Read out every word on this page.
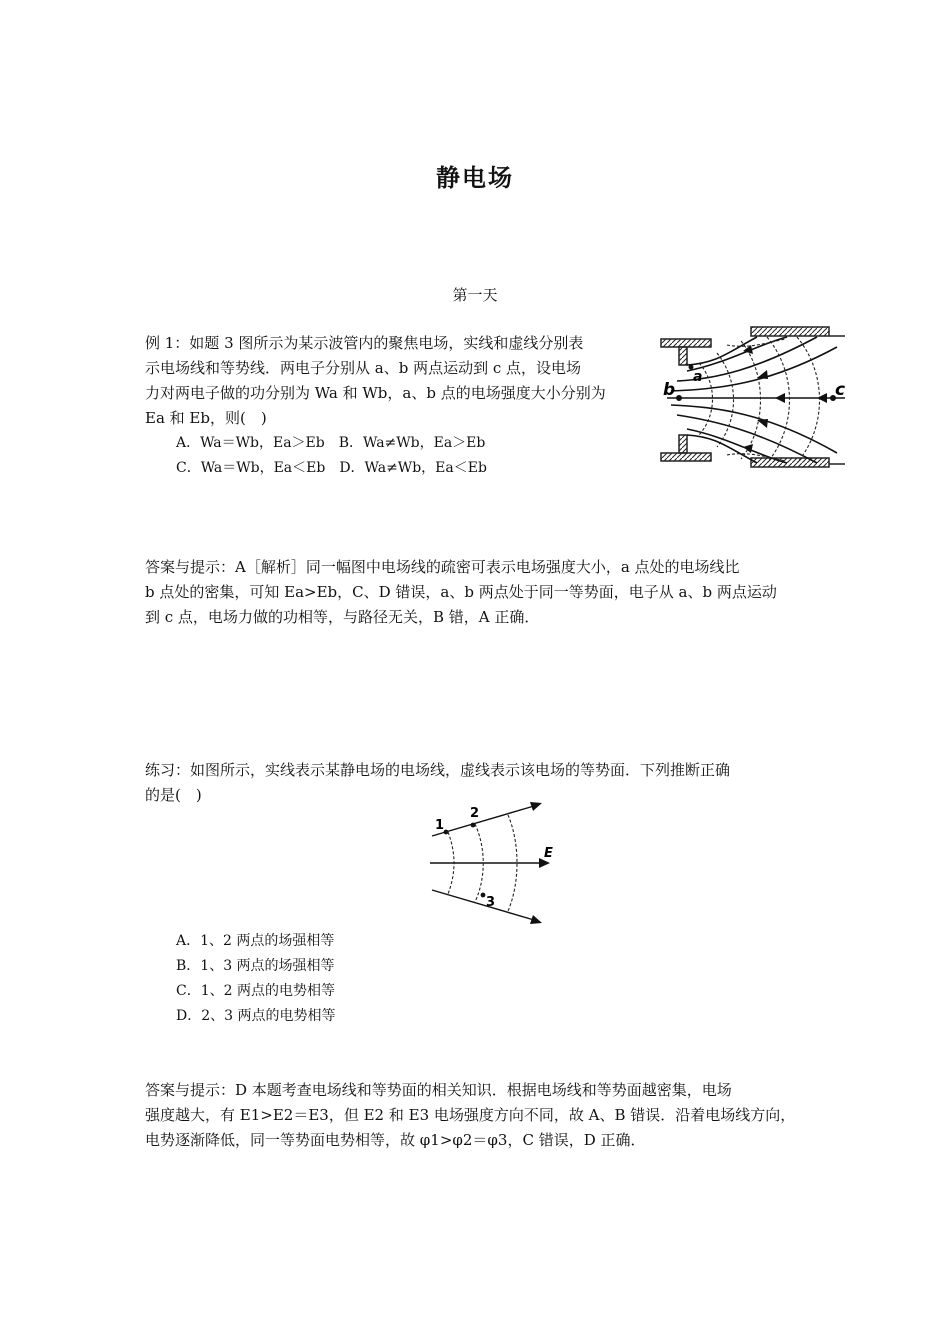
静电场
第一天

例 1：如题 3 图所示为某示波管内的聚焦电场，实线和虚线分别表

示电场线和等势线．两电子分别从 a、b 两点运动到 c 点，设电场

力对两电子做的功分别为 Wa 和 Wb，a、b 点的电场强度大小分别为

Ea 和 Eb，则(　)

A．Wa＝Wb，Ea＞Eb　B．Wa≠Wb，Ea＞Eb

C．Wa＝Wb，Ea＜Eb　D．Wa≠Wb，Ea＜Eb

a
b	c

答案与提示：A［解析］同一幅图中电场线的疏密可表示电场强度大小，a 点处的电场线比

b 点处的密集，可知 Ea>Eb，C、D 错误，a、b 两点处于同一等势面，电子从 a、b 两点运动

到 c 点，电场力做的功相等，与路径无关，B 错，A 正确．

练习：如图所示，实线表示某静电场的电场线，虚线表示该电场的等势面．下列推断正确

的是(　)

1
2
3
E

A．1、2 两点的场强相等

B．1、3 两点的场强相等

C．1、2 两点的电势相等

D．2、3 两点的电势相等

答案与提示：D 本题考查电场线和等势面的相关知识．根据电场线和等势面越密集，电场

强度越大，有 E1>E2＝E3，但 E2 和 E3 电场强度方向不同，故 A、B 错误．沿着电场线方向，

电势逐渐降低，同一等势面电势相等，故 φ1>φ2＝φ3，C 错误，D 正确．
